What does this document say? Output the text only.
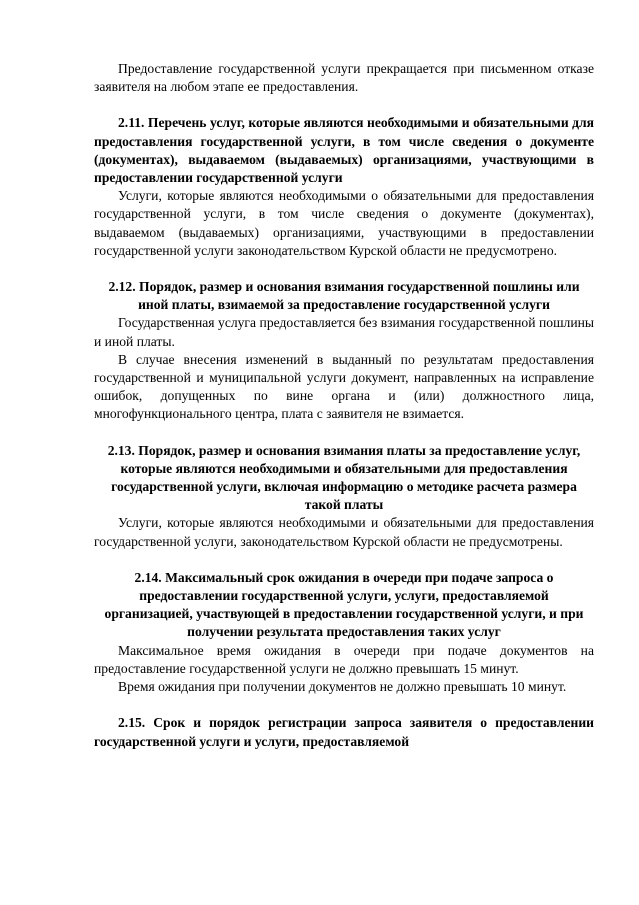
Предоставление государственной услуги прекращается при письменном отказе заявителя на любом этапе ее предоставления.

2.11. Перечень услуг, которые являются необходимыми и обязательными для предоставления государственной услуги, в том числе сведения о документе (документах), выдаваемом (выдаваемых) организациями, участвующими в предоставлении государственной услуги

Услуги, которые являются необходимыми о обязательными для предоставления государственной услуги, в том числе сведения о документе (документах), выдаваемом (выдаваемых) организациями, участвующими в предоставлении государственной услуги законодательством Курской области не предусмотрено.

2.12. Порядок, размер и основания взимания государственной пошлины или иной платы, взимаемой за предоставление государственной услуги

Государственная услуга предоставляется без взимания государственной пошлины и иной платы.

В случае внесения изменений в выданный по результатам предоставления государственной и муниципальной услуги документ, направленных на исправление ошибок, допущенных по вине органа и (или) должностного лица, многофункционального центра, плата с заявителя не взимается.

2.13. Порядок, размер и основания взимания платы за предоставление услуг, которые являются необходимыми и обязательными для предоставления государственной услуги, включая информацию о методике расчета размера такой платы

Услуги, которые являются необходимыми и обязательными для предоставления государственной услуги, законодательством Курской области не предусмотрены.

2.14. Максимальный срок ожидания в очереди при подаче запроса о предоставлении государственной услуги, услуги, предоставляемой организацией, участвующей в предоставлении государственной услуги, и при получении результата предоставления таких услуг

Максимальное время ожидания в очереди при подаче документов на предоставление государственной услуги не должно превышать 15 минут.

Время ожидания при получении документов не должно превышать 10 минут.

2.15. Срок и порядок регистрации запроса заявителя о предоставлении государственной услуги и услуги, предоставляемой
